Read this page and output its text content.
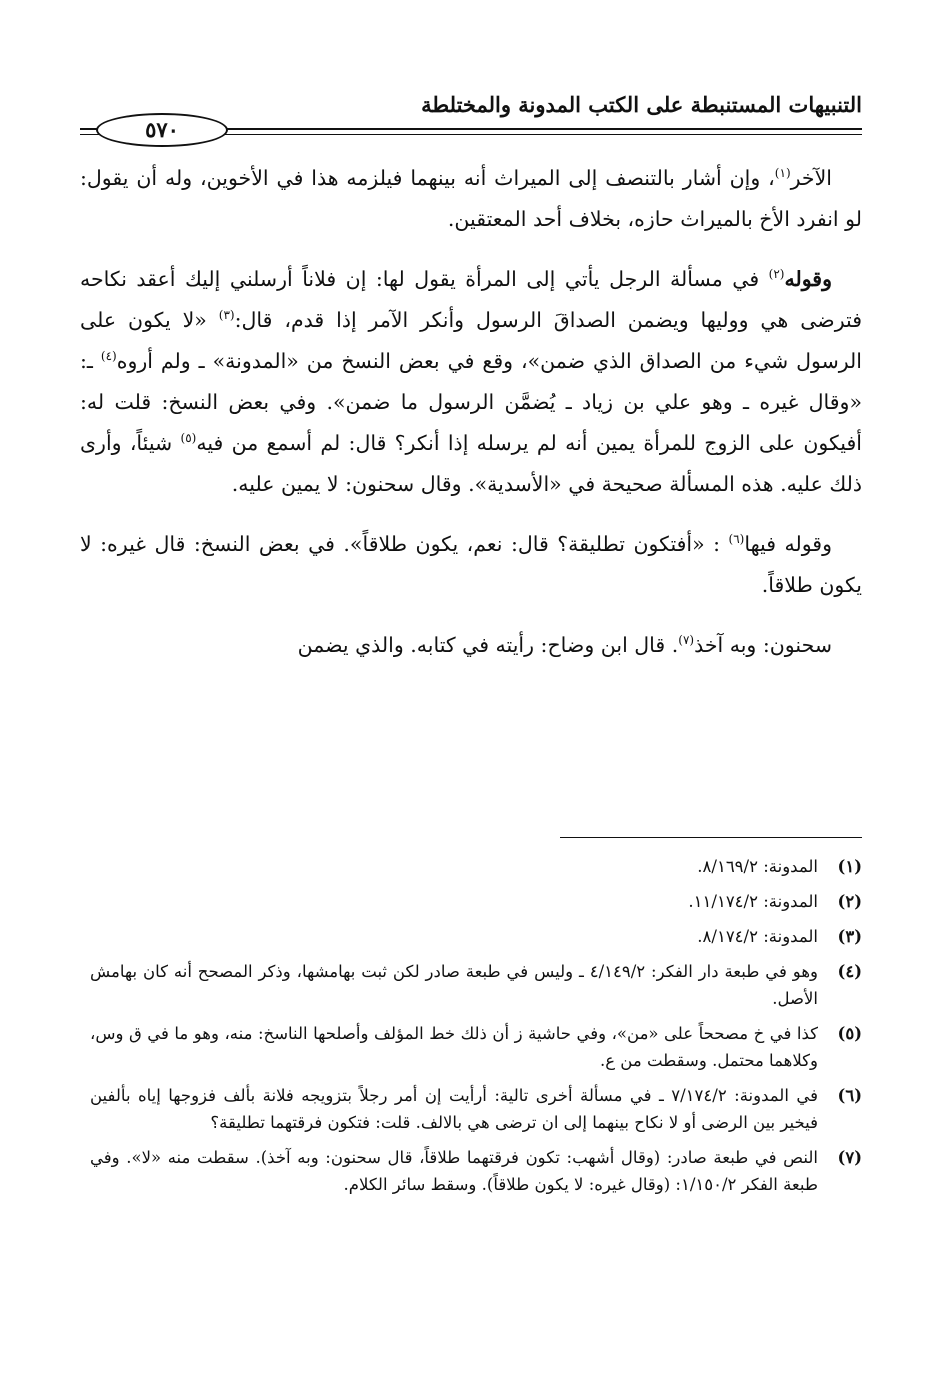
التنبيهات المستنبطة على الكتب المدونة والمختلطة
٥٧٠

الآخر$^{(١)}$، وإن أشار بالتنصف إلى الميراث أنه بينهما فيلزمه هذا في الأخوين، وله أن يقول: لو انفرد الأخ بالميراث حازه، بخلاف أحد المعتقين.

وقوله$^{(٢)}$ في مسألة الرجل يأتي إلى المرأة يقول لها: إن فلاناً أرسلني إليك أعقد نكاحه فترضى هي ووليها ويضمن الصداقَ الرسول وأنكر الآمر إذا قدم، قال:$^{(٣)}$ «لا يكون على الرسول شيء من الصداق الذي ضمن»، وقع في بعض النسخ من «المدونة» ـ ولم أروه$^{(٤)}$ ـ: «وقال غيره ـ وهو علي بن زياد ـ يُضمَّن الرسول ما ضمن». وفي بعض النسخ: قلت له: أفيكون على الزوج للمرأة يمين أنه لم يرسله إذا أنكر؟ قال: لم أسمع من فيه$^{(٥)}$ شيئاً، وأرى ذلك عليه. هذه المسألة صحيحة في «الأسدية». وقال سحنون: لا يمين عليه.

وقوله فيها$^{(٦)}$ : «أفتكون تطليقة؟ قال: نعم، يكون طلاقاً». في بعض النسخ: قال غيره: لا يكون طلاقاً.

سحنون: وبه آخذ$^{(٧)}$. قال ابن وضاح: رأيته في كتابه. والذي يضمن

(١)
المدونة: ٨/١٦٩/٢.
(٢)
المدونة: ١١/١٧٤/٢.
(٣)
المدونة: ٨/١٧٤/٢.
(٤)
وهو في طبعة دار الفكر: ٤/١٤٩/٢ ـ وليس في طبعة صادر لكن ثبت بهامشها، وذكر المصحح أنه كان بهامش الأصل.
(٥)
كذا في خ مصححاً على «من»، وفي حاشية ز أن ذلك خط المؤلف وأصلحها الناسخ: منه، وهو ما في ق وس، وكلاهما محتمل. وسقطت من ع.
(٦)
في المدونة: ٧/١٧٤/٢ ـ في مسألة أخرى تالية: أرأيت إن أمر رجلاً بتزويجه فلانة بألف فزوجها إياه بألفين فيخير بين الرضى أو لا نكاح بينهما إلى ان ترضى هي بالالف. قلت: فتكون فرقتهما تطليقة؟
(٧)
النص في طبعة صادر: (وقال أشهب: تكون فرقتهما طلاقاً، قال سحنون: وبه آخذ). سقطت منه «لا». وفي طبعة الفكر ١/١٥٠/٢: (وقال غيره: لا يكون طلاقاً). وسقط سائر الكلام.
